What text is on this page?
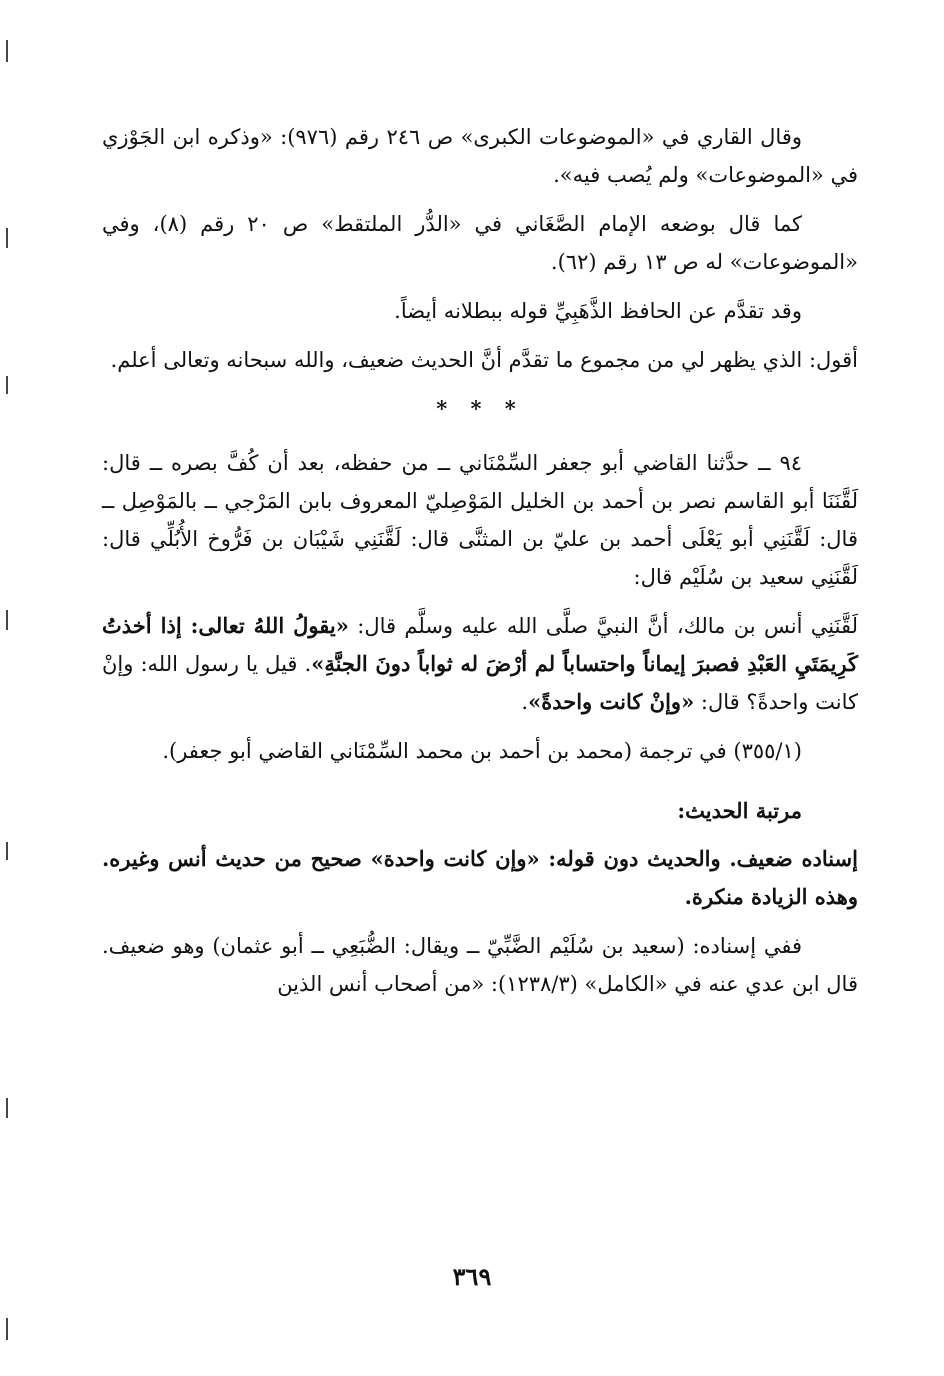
وقال القاري في «الموضوعات الكبرى» ص ٢٤٦ رقم (٩٧٦): «وذكره ابن الجَوْزي في «الموضوعات» ولم يُصب فيه».

كما قال بوضعه الإمام الصَّغَاني في «الدُّر الملتقط» ص ٢٠ رقم (٨)، وفي «الموضوعات» له ص ١٣ رقم (٦٢).

وقد تقدَّم عن الحافظ الذَّهَبِيِّ قوله ببطلانه أيضاً.

أقول: الذي يظهر لي من مجموع ما تقدَّم أنَّ الحديث ضعيف، والله سبحانه وتعالى أعلم.

* * *

٩٤ ــ حدَّثنا القاضي أبو جعفر السِّمْنَاني ــ من حفظه، بعد أن كُفَّ بصره ــ قال: لَقَّنَنَا أبو القاسم نصر بن أحمد بن الخليل المَوْصِليّ المعروف بابن المَرْجي ــ بالمَوْصِل ــ قال: لَقَّنَنِي أبو يَعْلَى أحمد بن عليّ بن المثنَّى قال: لَقَّنَنِي شَيْبَان بن فَرُّوخ الأُبُلِّي قال: لَقَّنَنِي سعيد بن سُلَيْم قال:

لَقَّنَنِي أنس بن مالك، أنَّ النبيَّ صلَّى الله عليه وسلَّم قال: «يقولُ اللهُ تعالى: إذا أخذتُ كَرِيمَتَيِ العَبْدِ فصبرَ إيماناً واحتساباً لم أرْضَ له ثواباً دونَ الجنَّةِ». قيل يا رسول الله: وإنْ كانت واحدةً؟ قال: «وإنْ كانت واحدةً».

(٣٥٥/١) في ترجمة (محمد بن أحمد بن محمد السِّمْنَاني القاضي أبو جعفر).

مرتبة الحديث:

إسناده ضعيف. والحديث دون قوله: «وإن كانت واحدة» صحيح من حديث أنس وغيره. وهذه الزيادة منكرة.

ففي إسناده: (سعيد بن سُلَيْم الضَّبِّيّ ــ ويقال: الضُّبَعِي ــ أبو عثمان) وهو ضعيف. قال ابن عدي عنه في «الكامل» (١٢٣٨/٣): «من أصحاب أنس الذين

٣٦٩
